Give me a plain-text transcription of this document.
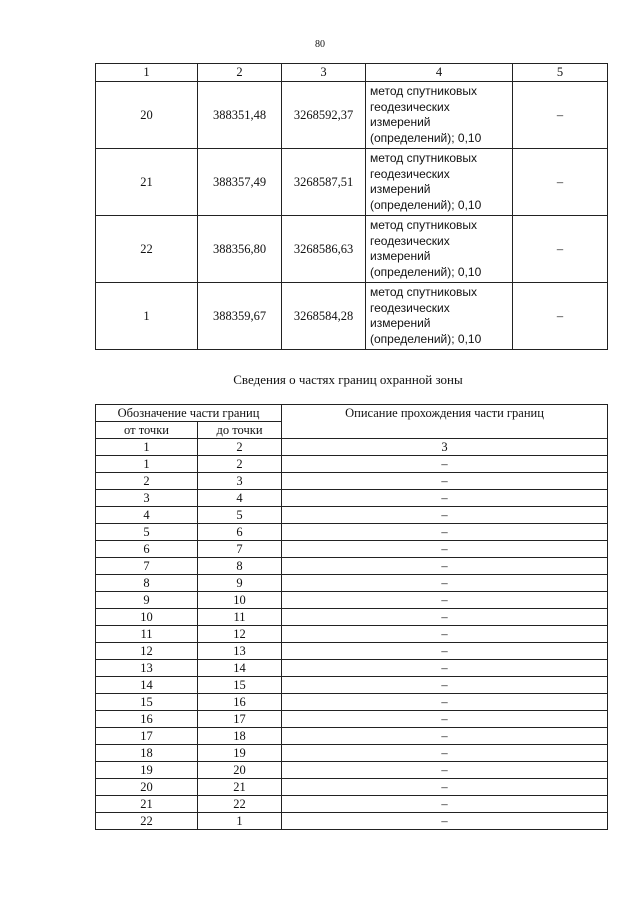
80
1	2	3	4	5
20	388351,48	3268592,37	метод спутниковых
геодезических
измерений
(определений); 0,10	–
21	388357,49	3268587,51	метод спутниковых
геодезических
измерений
(определений); 0,10	–
22	388356,80	3268586,63	метод спутниковых
геодезических
измерений
(определений); 0,10	–
1	388359,67	3268584,28	метод спутниковых
геодезических
измерений
(определений); 0,10	–
Сведения о частях границ охранной зоны
Обозначение части границ		Описание прохождения части границ
от точки	до точки	
1	2	3
1	2	–
2	3	–
3	4	–
4	5	–
5	6	–
6	7	–
7	8	–
8	9	–
9	10	–
10	11	–
11	12	–
12	13	–
13	14	–
14	15	–
15	16	–
16	17	–
17	18	–
18	19	–
19	20	–
20	21	–
21	22	–
22	1	–
